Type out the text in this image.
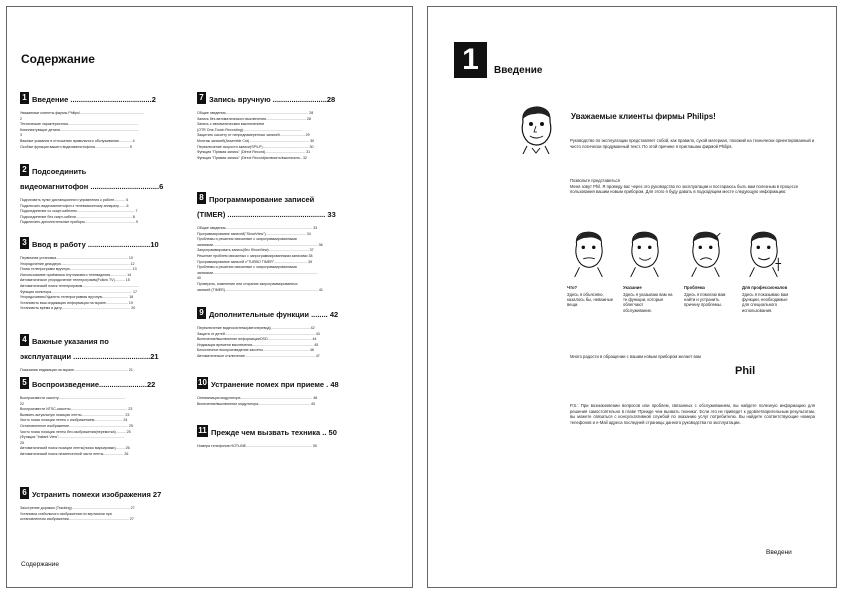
Содержание
1 Введение .......................................2
Уважаемые клиенты фирмы Philips!................................................................
2
Технические характеристики......................................................................
Комплектующие детали...............................................................................
3
Важные указания в отношении правильного обслуживания............. 4
Особые функции вашего видеомагнитофона.................................. 5
2 Подсоединить
видеомагнитофон .................................6
Подготовить пульт дистанционного управления к работе........... 6
Подключить видеомагнитофон к телевизионному аппарату....... 6
Подсоединение со скарт-кабелем.......................................................... 7
Подсоединение без скарт-кабеля........................................................ 8
Подключить дополнительные приборы.................................................. 9
3 Ввод в работу ..............................10
Первичная установка........................................................................ 10
Упорядочение декодера..................................................................... 12
Поиск телепрограмм вручную.............................................................. 13
Использование приёмника спутникового телевидения................ 14
Автоматическое упорядочение телепрограмм(Follow TV).......... 15
Автоматический поиск телепрограмм.........................................................
Функция монитора................................................................................. 17
Упорядочивать/Удалить телепрограммы вручную.......................... 18
Установить ваш индикацию информации на экране...................... 19
Установить время и дату..................................................................... 20
4 Важные указания по
эксплуатации .....................................21
Показания индикации на экране...................................................... 21
5 Воспроизведение.......................22
Воспроизвести кассету...................................................................
22
Воспроизвести NTSC-кассеты......................................................... 23
Выявить актуальную позицию ленты........................................... 23
Чисто поиск позиции ленты с изображением............................ 24
Остановленное изображение........................................................... 25
Чисто поиск позиции ленты без изображения(перемотка).......... 25
(Функция "Instant View"..................................................................
25
Автоматический поиск позиции ленты(поиск маркировки)......... 26
Автоматический поиск незанесенной части ленты.................... 26
6 Устранить помехи изображения 27
Заострение дорожки (Tracking).......................................................... 27
Установка стабильного изображения по вертикали при
остановленном изображении............................................................ 27
7 Запись вручную ..........................28
Общие сведения................................................................................... 28
Запись без автоматического выключения........................................ 28
Запись с автоматическим выключением
(OTR One-Touch Recording)...........................................................
Защитить кассету от непреднамеренных записей......................... 29
Монтаж записей(Assemble Cut)............................................................ 30
Переключение скорости записи(SP/LP).............................................. 30
Функция "Прямая запись" (Direct Record)........................................ 31
Функция "Прямая запись" (Direct Record)включить/выключить.. 32
8 Программирование записей
(TIMER) ............................................... 33
Общие сведения....................................................................................... 33
Программирование записей("ShowView")........................................ 34
Проблемы и решения связанные с запрограммированными
записями......................................................................................................... 36
Запрограммировать запись(без ShowView)........................................ 37
Решение проблем связанных с запрограммированными записями 38
Программирование записей с"TURBO TIMER"................................. 39
Проблемы и решения связанные с запрограммированными
записями.........................................................................................................
40
Проверить, изменение или стирание запрограммированных
записей (TIMER)............................................................................................. 41
9 Дополнительные функции ........ 42
Переключение видеосистемы(автоперевод)....................................... 42
Защита от детей.......................................................................................... 43
Включение/выключение информацииOSD............................................ 44
Индикация времени выключения............................................................. 45
Бесконечное воспроизведение кассеты.............................................. 46
Автоматическое отключение...................................................................... 47
10 Устранение помех при приеме . 48
Оптимизация модулятора........................................................................ 48
Включение/выключение модулятора.................................................... 49
11 Прежде чем вызвать техника .. 50
Номера телефонов HOTLINE.................................................................. 50
Содержание
1	Введение
Уважаемые клиенты фирмы Philips!
Руководство по эксплуатации представляет собой, как правило, сухой материал, похожий на технически ориентированный и чисто логически продуманный текст. По этой причине я приглашаю фирмой Philips.
Позвольте представиться
Меня зовут Phil. Я проведу вас через это руководство по эксплуатации и постараюсь быть вам полезным в процессе пользования вашим новым прибором. Для этого я буду давать в подходящем месте следующую информацию:
Что?
Здесь я объясняю, казалось бы, неважные вещи.
Указание
Здесь я указываю вам на те функции, которые облегчают обслуживание.
Проблема
Здесь я помогаю вам найти и устранить причину проблемы.
Для профессионалов
Здесь я показываю вам функции, необходимые для специального использования.
Много радости в обращении с вашим новым прибором желает вам
Phil
P.S.: При возникновении вопросов или проблем, связанных с обслуживанием, вы найдете полезную информацию для решения самостоятельно в главе 'Прежде чем вызвать техника'. Если это не приведет к удовлетворительным результатам, вы можете связаться с консультативной службой по оказанию услуг потребителю. Вы найдете соответствующие номера телефонов и e-Mail адреса последней страницы данного руководства по эксплуатации.
Введени
